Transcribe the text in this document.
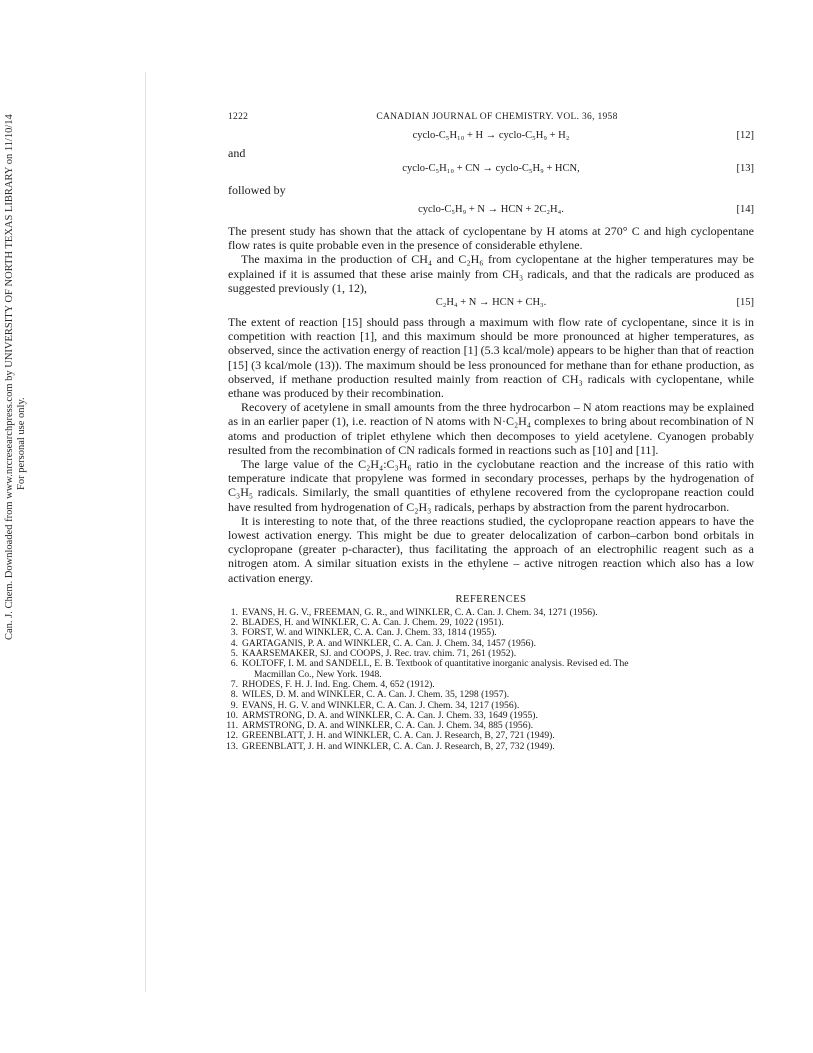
Can. J. Chem. Downloaded from www.nrcresearchpress.com by UNIVERSITY OF NORTH TEXAS LIBRARY on 11/10/14 For personal use only.
1222	CANADIAN JOURNAL OF CHEMISTRY. VOL. 36, 1958
cyclo-C₅H₁₀ + H → cyclo-C₅H₉ + H₂	[12]
and
cyclo-C₅H₁₀ + CN → cyclo-C₅H₉ + HCN,	[13]
followed by
cyclo-C₅H₉ + N → HCN + 2C₂H₄.	[14]

The present study has shown that the attack of cyclopentane by H atoms at 270° C and high cyclopentane flow rates is quite probable even in the presence of considerable ethylene.

The maxima in the production of CH₄ and C₂H₆ from cyclopentane at the higher temperatures may be explained if it is assumed that these arise mainly from CH₃ radicals, and that the radicals are produced as suggested previously (1, 12),

C₂H₄ + N → HCN + CH₃.	[15]

The extent of reaction [15] should pass through a maximum with flow rate of cyclopentane, since it is in competition with reaction [1], and this maximum should be more pronounced at higher temperatures, as observed, since the activation energy of reaction [1] (5.3 kcal/mole) appears to be higher than that of reaction [15] (3 kcal/mole (13)). The maximum should be less pronounced for methane than for ethane production, as observed, if methane production resulted mainly from reaction of CH₃ radicals with cyclopentane, while ethane was produced by their recombination.

Recovery of acetylene in small amounts from the three hydrocarbon – N atom reactions may be explained as in an earlier paper (1), i.e. reaction of N atoms with N·C₂H₄ complexes to bring about recombination of N atoms and production of triplet ethylene which then decomposes to yield acetylene. Cyanogen probably resulted from the recombination of CN radicals formed in reactions such as [10] and [11].

The large value of the C₂H₄:C₃H₆ ratio in the cyclobutane reaction and the increase of this ratio with temperature indicate that propylene was formed in secondary processes, perhaps by the hydrogenation of C₃H₅ radicals. Similarly, the small quantities of ethylene recovered from the cyclopropane reaction could have resulted from hydrogenation of C₂H₃ radicals, perhaps by abstraction from the parent hydrocarbon.

It is interesting to note that, of the three reactions studied, the cyclopropane reaction appears to have the lowest activation energy. This might be due to greater delocalization of carbon–carbon bond orbitals in cyclopropane (greater p-character), thus facilitating the approach of an electrophilic reagent such as a nitrogen atom. A similar situation exists in the ethylene – active nitrogen reaction which also has a low activation energy.

REFERENCES
1. EVANS, H. G. V., FREEMAN, G. R., and WINKLER, C. A. Can. J. Chem. 34, 1271 (1956).
2. BLADES, H. and WINKLER, C. A. Can. J. Chem. 29, 1022 (1951).
3. FORST, W. and WINKLER, C. A. Can. J. Chem. 33, 1814 (1955).
4. GARTAGANIS, P. A. and WINKLER, C. A. Can. J. Chem. 34, 1457 (1956).
5. KAARSEMAKER, SJ. and COOPS, J. Rec. trav. chim. 71, 261 (1952).
6. KOLTOFF, I. M. and SANDELL, E. B. Textbook of quantitative inorganic analysis. Revised ed. The
Macmillan Co., New York. 1948.
7. RHODES, F. H. J. Ind. Eng. Chem. 4, 652 (1912).
8. WILES, D. M. and WINKLER, C. A. Can. J. Chem. 35, 1298 (1957).
9. EVANS, H. G. V. and WINKLER, C. A. Can. J. Chem. 34, 1217 (1956).
10. ARMSTRONG, D. A. and WINKLER, C. A. Can. J. Chem. 33, 1649 (1955).
11. ARMSTRONG, D. A. and WINKLER, C. A. Can. J. Chem. 34, 885 (1956).
12. GREENBLATT, J. H. and WINKLER, C. A. Can. J. Research, B, 27, 721 (1949).
13. GREENBLATT, J. H. and WINKLER, C. A. Can. J. Research, B, 27, 732 (1949).
